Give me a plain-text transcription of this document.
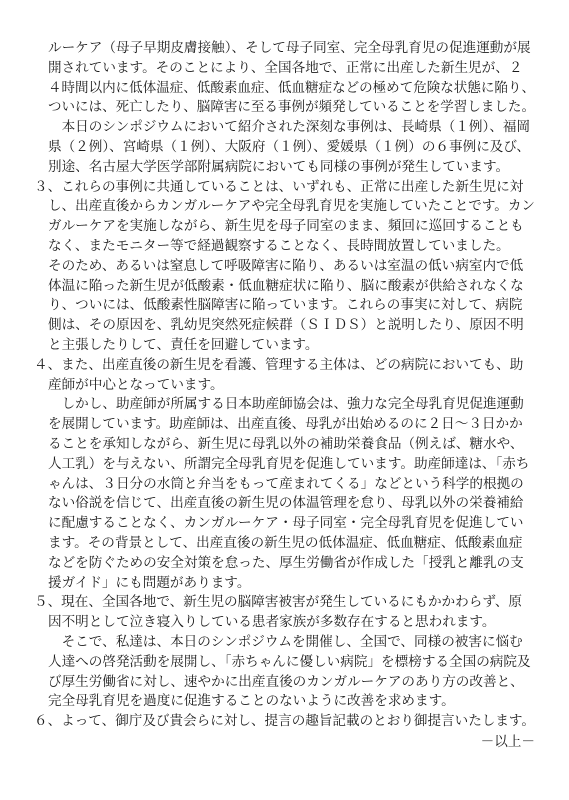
ルーケア（母子早期皮膚接触）、そして母子同室、完全母乳育児の促進運動が展
開されています。そのことにより、全国各地で、正常に出産した新生児が、２
４時間以内に低体温症、低酸素血症、低血糖症などの極めて危険な状態に陥り、
ついには、死亡したり、脳障害に至る事例が頻発していることを学習しました。
　本日のシンポジウムにおいて紹介された深刻な事例は、長崎県（１例）、福岡
県（２例）、宮崎県（１例）、大阪府（１例）、愛媛県（１例）の６事例に及び、
別途、名古屋大学医学部附属病院においても同様の事例が発生しています。
３、これらの事例に共通していることは、いずれも、正常に出産した新生児に対
し、出産直後からカンガルーケアや完全母乳育児を実施していたことです。カン
ガルーケアを実施しながら、新生児を母子同室のまま、頻回に巡回することも
なく、またモニター等で経過観察することなく、長時間放置していました。
そのため、あるいは窒息して呼吸障害に陥り、あるいは室温の低い病室内で低
体温に陥った新生児が低酸素・低血糖症状に陥り、脳に酸素が供給されなくな
り、ついには、低酸素性脳障害に陥っています。これらの事実に対して、病院
側は、その原因を、乳幼児突然死症候群（ＳＩＤＳ）と説明したり、原因不明
と主張したりして、責任を回避しています。
４、また、出産直後の新生児を看護、管理する主体は、どの病院においても、助
産師が中心となっています。
　しかし、助産師が所属する日本助産師協会は、強力な完全母乳育児促進運動
を展開しています。助産師は、出産直後、母乳が出始めるのに２日〜３日かか
ることを承知しながら、新生児に母乳以外の補助栄養食品（例えば、糖水や、
人工乳）を与えない、所謂完全母乳育児を促進しています。助産師達は、「赤ち
ゃんは、３日分の水筒と弁当をもって産まれてくる」などという科学的根拠の
ない俗説を信じて、出産直後の新生児の体温管理を怠り、母乳以外の栄養補給
に配慮することなく、カンガルーケア・母子同室・完全母乳育児を促進してい
ます。その背景として、出産直後の新生児の低体温症、低血糖症、低酸素血症
などを防ぐための安全対策を怠った、厚生労働省が作成した「授乳と離乳の支
援ガイド」にも問題があります。
５、現在、全国各地で、新生児の脳障害被害が発生しているにもかかわらず、原
因不明として泣き寝入りしている患者家族が多数存在すると思われます。
　そこで、私達は、本日のシンポジウムを開催し、全国で、同様の被害に悩む
人達への啓発活動を展開し、「赤ちゃんに優しい病院」を標榜する全国の病院及
び厚生労働省に対し、速やかに出産直後のカンガルーケアのあり方の改善と、
完全母乳育児を過度に促進することのないように改善を求めます。
６、よって、御庁及び貴会らに対し、提言の趣旨記載のとおり御提言いたします。
－以上－
